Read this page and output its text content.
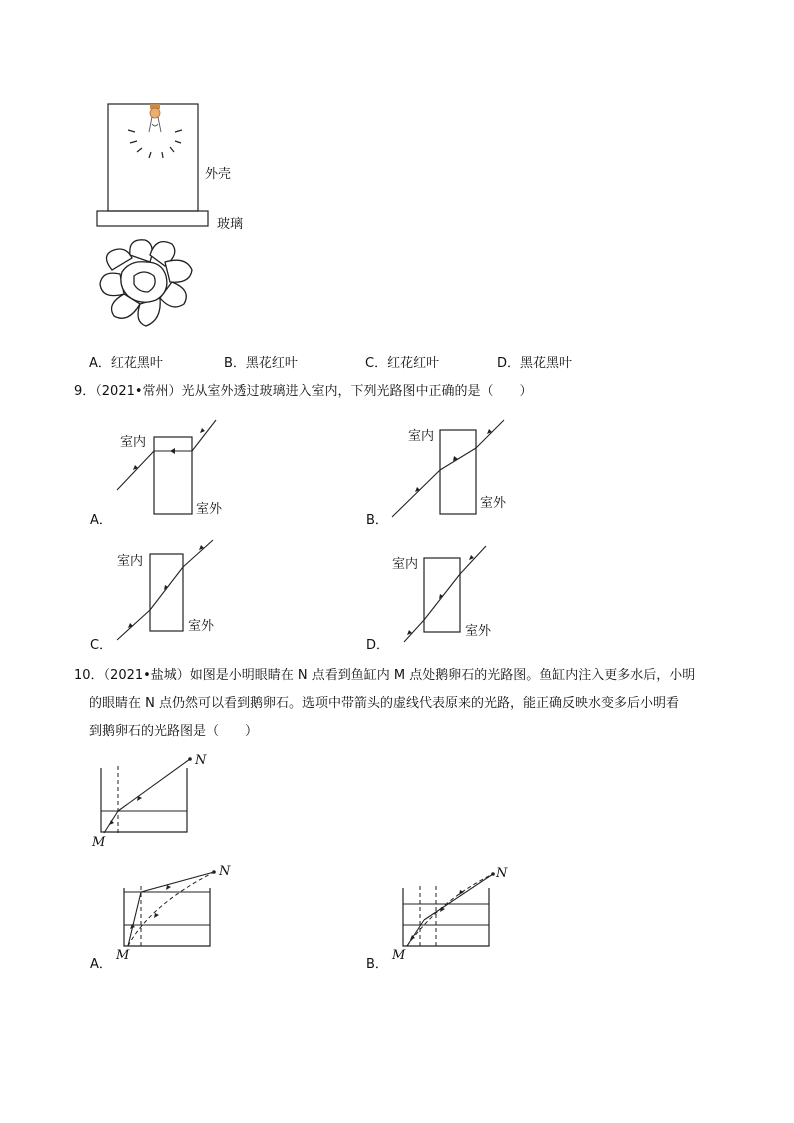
外壳
玻璃
A．红花黑叶	B．黑花红叶	C．红花红叶	D．黑花黑叶
9．（2021•常州）光从室外透过玻璃进入室内，下列光路图中正确的是（　　）
室内
室外
A．
室内
室外
B．
室内
室外
C．
室内
室外
D．
10．（2021•盐城）如图是小明眼睛在 N 点看到鱼缸内 M 点处鹅卵石的光路图。鱼缸内注入更多水后，小明
的眼睛在 N 点仍然可以看到鹅卵石。选项中带箭头的虚线代表原来的光路，能正确反映水变多后小明看
到鹅卵石的光路图是（　　）
N
M
N
M
A．
N
M
B．
